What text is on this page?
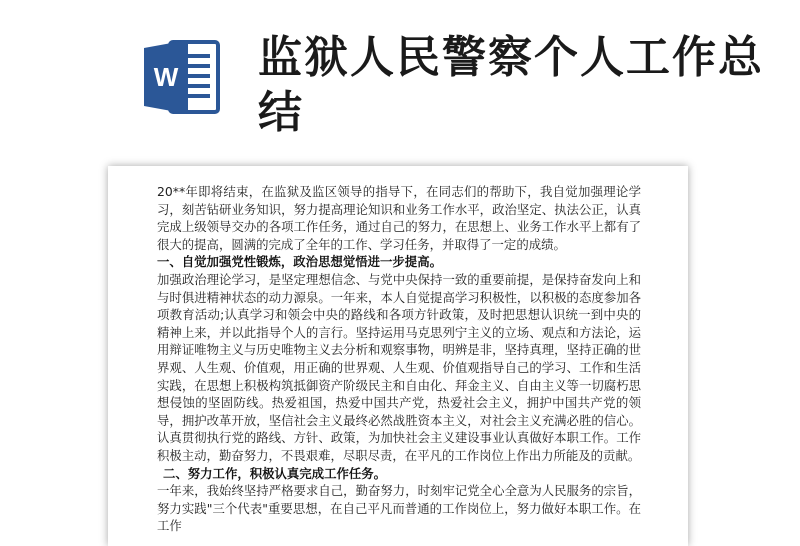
W 监狱人民警察个人工作总结

20**年即将结束，在监狱及监区领导的指导下，在同志们的帮助下，我自觉加强理论学习，刻苦钻研业务知识，努力提高理论知识和业务工作水平，政治坚定、执法公正，认真完成上级领导交办的各项工作任务，通过自己的努力，在思想上、业务工作水平上都有了很大的提高，圆满的完成了全年的工作、学习任务，并取得了一定的成绩。

一、自觉加强党性锻炼，政治思想觉悟进一步提高。

加强政治理论学习，是坚定理想信念、与党中央保持一致的重要前提，是保持奋发向上和与时俱进精神状态的动力源泉。一年来，本人自觉提高学习积极性，以积极的态度参加各项教育活动;认真学习和领会中央的路线和各项方针政策，及时把思想认识统一到中央的精神上来，并以此指导个人的言行。坚持运用马克思列宁主义的立场、观点和方法论，运用辩证唯物主义与历史唯物主义去分析和观察事物，明辨是非，坚持真理，坚持正确的世界观、人生观、价值观，用正确的世界观、人生观、价值观指导自己的学习、工作和生活实践，在思想上积极构筑抵御资产阶级民主和自由化、拜金主义、自由主义等一切腐朽思想侵蚀的坚固防线。热爱祖国，热爱中国共产党，热爱社会主义，拥护中国共产党的领导，拥护改革开放，坚信社会主义最终必然战胜资本主义，对社会主义充满必胜的信心。认真贯彻执行党的路线、方针、政策，为加快社会主义建设事业认真做好本职工作。工作积极主动，勤奋努力，不畏艰难，尽职尽责，在平凡的工作岗位上作出力所能及的贡献。

二、努力工作，积极认真完成工作任务。

一年来，我始终坚持严格要求自己，勤奋努力，时刻牢记党全心全意为人民服务的宗旨，努力实践"三个代表"重要思想，在自己平凡而普通的工作岗位上，努力做好本职工作。在工作
